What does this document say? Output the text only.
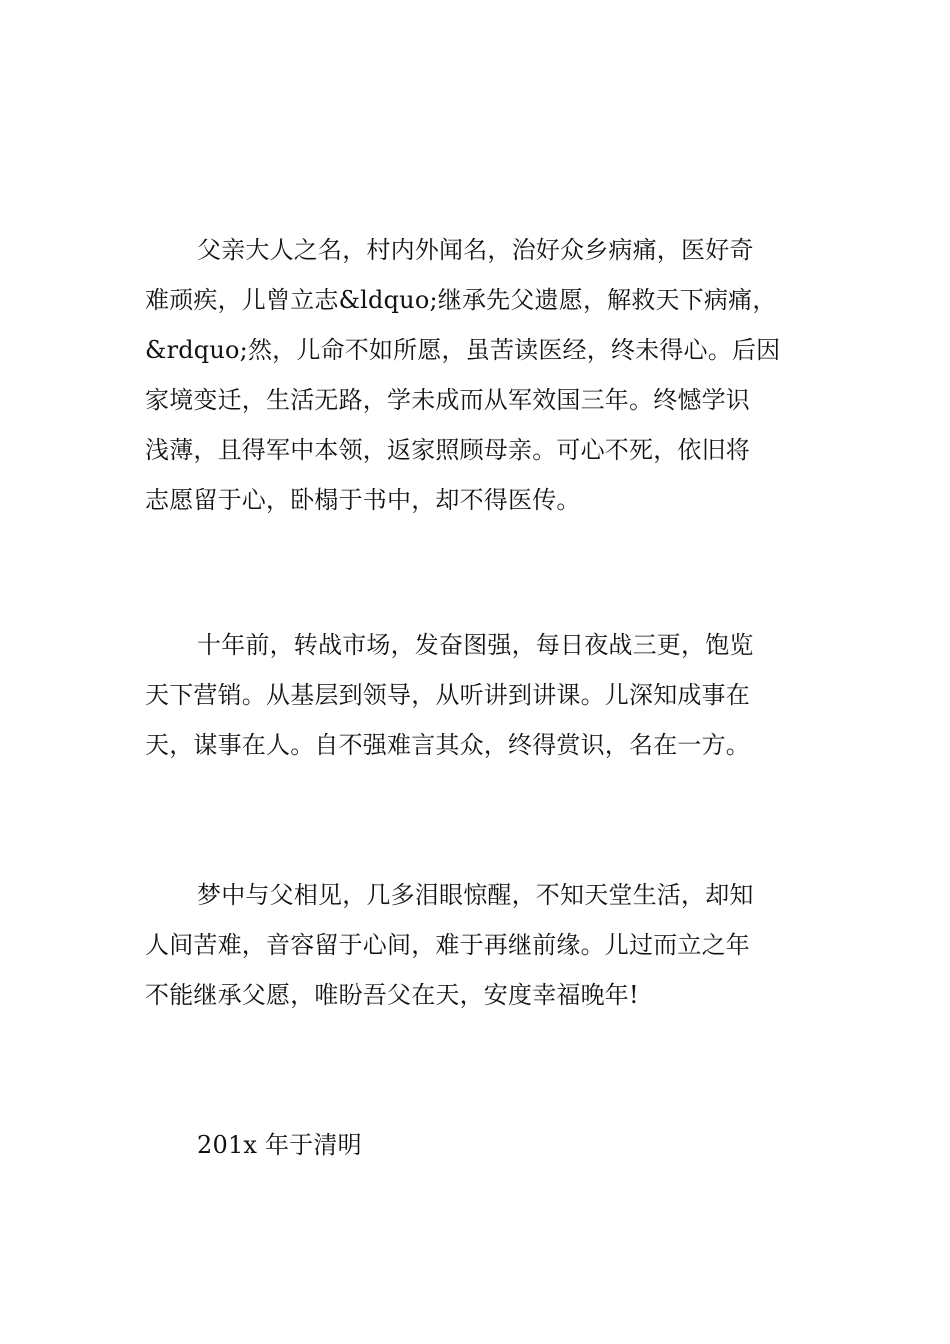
父亲大人之名，村内外闻名，治好众乡病痛，医好奇
难顽疾，儿曾立志&ldquo;继承先父遗愿，解救天下病痛，
&rdquo;然，儿命不如所愿，虽苦读医经，终未得心。后因
家境变迁，生活无路，学未成而从军效国三年。终憾学识
浅薄，且得军中本领，返家照顾母亲。可心不死，依旧将
志愿留于心，卧榻于书中，却不得医传。
十年前，转战市场，发奋图强，每日夜战三更，饱览
天下营销。从基层到领导，从听讲到讲课。儿深知成事在
天，谋事在人。自不强难言其众，终得赏识，名在一方。
梦中与父相见，几多泪眼惊醒，不知天堂生活，却知
人间苦难，音容留于心间，难于再继前缘。儿过而立之年
不能继承父愿，唯盼吾父在天，安度幸福晚年!
201x 年于清明
